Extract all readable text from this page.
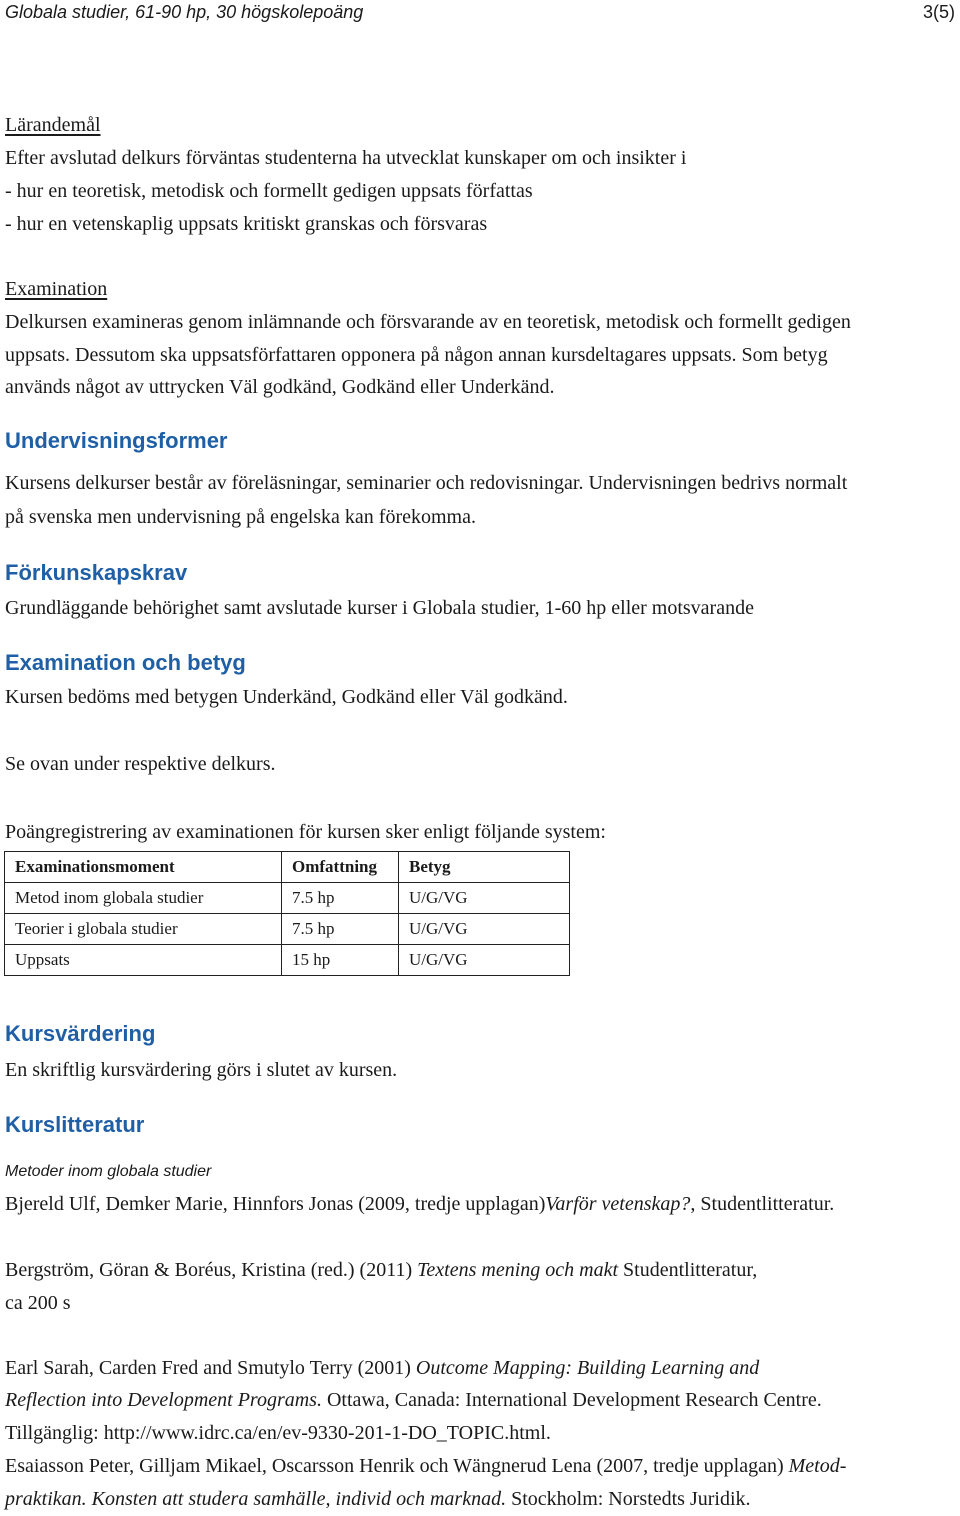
Globala studier, 61-90 hp, 30 högskolepoäng	3(5)
Lärandemål
Efter avslutad delkurs förväntas studenterna ha utvecklat kunskaper om och insikter i
- hur en teoretisk, metodisk och formellt gedigen uppsats författas
- hur en vetenskaplig uppsats kritiskt granskas och försvaras
Examination
Delkursen examineras genom inlämnande och försvarande av en teoretisk, metodisk och formellt gedigen
uppsats. Dessutom ska uppsatsförfattaren opponera på någon annan kursdeltagares uppsats. Som betyg
används något av uttrycken Väl godkänd, Godkänd eller Underkänd.
Undervisningsformer
Kursens delkurser består av föreläsningar, seminarier och redovisningar. Undervisningen bedrivs normalt
på svenska men undervisning på engelska kan förekomma.
Förkunskapskrav
Grundläggande behörighet samt avslutade kurser i Globala studier, 1-60 hp eller motsvarande
Examination och betyg
Kursen bedöms med betygen Underkänd, Godkänd eller Väl godkänd.
Se ovan under respektive delkurs.
Poängregistrering av examinationen för kursen sker enligt följande system:
Examinationsmoment	Omfattning	Betyg
Metod inom globala studier	7.5 hp	U/G/VG
Teorier i globala studier	7.5 hp	U/G/VG
Uppsats	15 hp	U/G/VG
Kursvärdering
En skriftlig kursvärdering görs i slutet av kursen.
Kurslitteratur
Metoder inom globala studier
Bjereld Ulf, Demker Marie, Hinnfors Jonas (2009, tredje upplagan)Varför vetenskap?, Studentlitteratur.
Bergström, Göran & Boréus, Kristina (red.) (2011) Textens mening och makt Studentlitteratur,
ca 200 s
Earl Sarah, Carden Fred and Smutylo Terry (2001) Outcome Mapping: Building Learning and
Reflection into Development Programs. Ottawa, Canada: International Development Research Centre.
Tillgänglig: http://www.idrc.ca/en/ev-9330-201-1-DO_TOPIC.html.
Esaiasson Peter, Gilljam Mikael, Oscarsson Henrik och Wängnerud Lena (2007, tredje upplagan) Metod-
praktikan. Konsten att studera samhälle, individ och marknad. Stockholm: Norstedts Juridik.
